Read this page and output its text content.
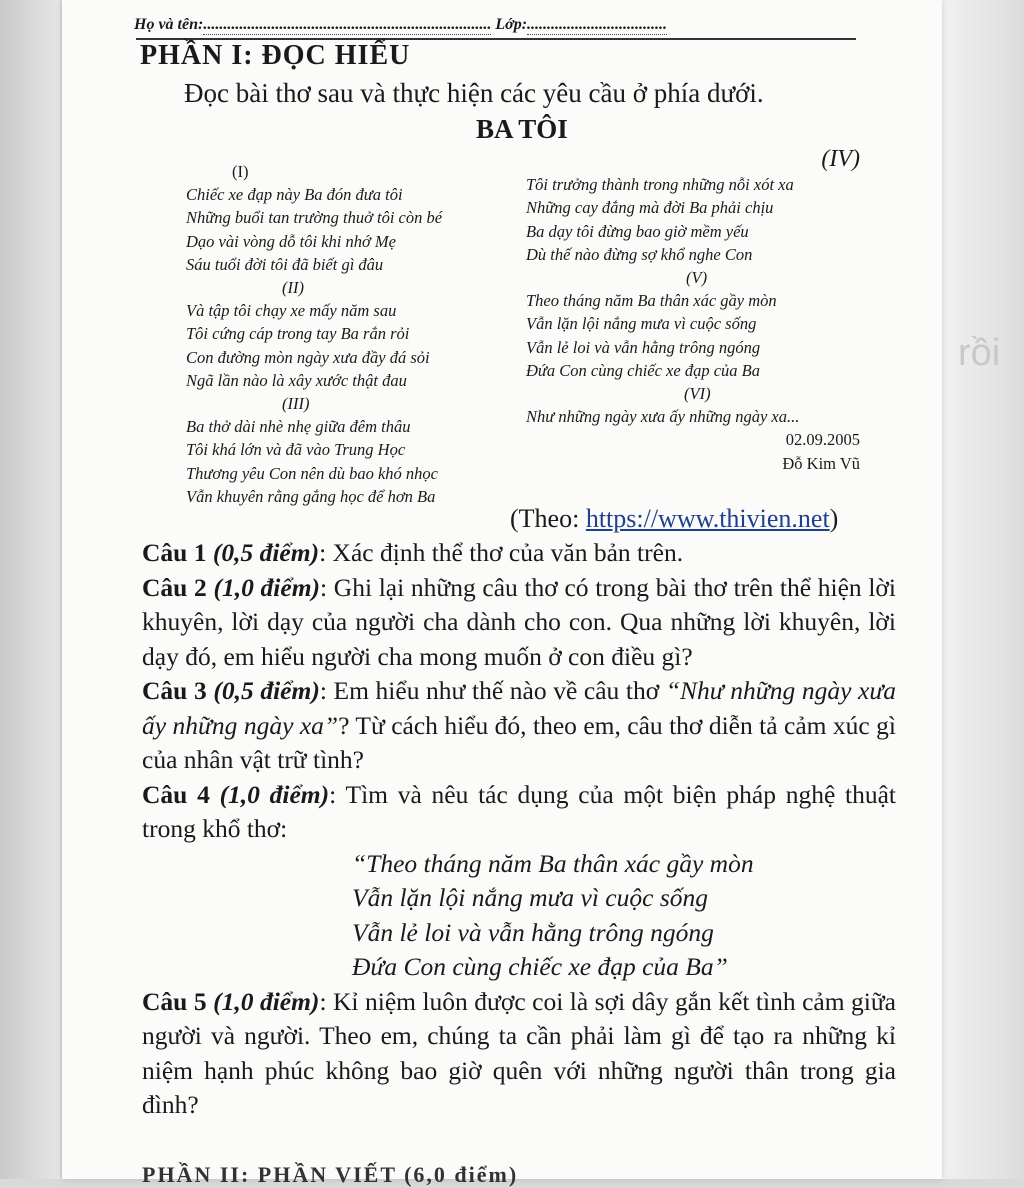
rồi
Họ và tên:........................................................................ Lớp:...................................
PHẦN I: ĐỌC HIỂU
Đọc bài thơ sau và thực hiện các yêu cầu ở phía dưới.
BA TÔI
(I)
Chiếc xe đạp này Ba đón đưa tôi
Những buổi tan trường thuở tôi còn bé
Dạo vài vòng dỗ tôi khi nhớ Mẹ
Sáu tuổi đời tôi đã biết gì đâu
(II)
Và tập tôi chạy xe mấy năm sau
Tôi cứng cáp trong tay Ba rắn rỏi
Con đường mòn ngày xưa đầy đá sỏi
Ngã lần nào là xây xước thật đau
(III)
Ba thở dài nhè nhẹ giữa đêm thâu
Tôi khá lớn và đã vào Trung Học
Thương yêu Con nên dù bao khó nhọc
Vẫn khuyên rằng gắng học để hơn Ba
(IV)
Tôi trưởng thành trong những nỗi xót xa
Những cay đắng mà đời Ba phải chịu
Ba dạy tôi đừng bao giờ mềm yếu
Dù thế nào đừng sợ khổ nghe Con
(V)
Theo tháng năm Ba thân xác gầy mòn
Vẫn lặn lội nắng mưa vì cuộc sống
Vẫn lẻ loi và vẫn hằng trông ngóng
Đứa Con cùng chiếc xe đạp của Ba
(VI)
Như những ngày xưa ấy những ngày xa...
02.09.2005
Đỗ Kim Vũ
(Theo: https://www.thivien.net)

Câu 1 (0,5 điểm): Xác định thể thơ của văn bản trên.

Câu 2 (1,0 điểm): Ghi lại những câu thơ có trong bài thơ trên thể hiện lời khuyên, lời dạy của người cha dành cho con. Qua những lời khuyên, lời dạy đó, em hiểu người cha mong muốn ở con điều gì?

Câu 3 (0,5 điểm): Em hiểu như thế nào về câu thơ “Như những ngày xưa ấy những ngày xa”? Từ cách hiểu đó, theo em, câu thơ diễn tả cảm xúc gì của nhân vật trữ tình?

Câu 4 (1,0 điểm): Tìm và nêu tác dụng của một biện pháp nghệ thuật trong khổ thơ:

“Theo tháng năm Ba thân xác gầy mòn
Vẫn lặn lội nắng mưa vì cuộc sống
Vẫn lẻ loi và vẫn hằng trông ngóng
Đứa Con cùng chiếc xe đạp của Ba”

Câu 5 (1,0 điểm): Kỉ niệm luôn được coi là sợi dây gắn kết tình cảm giữa người và người. Theo em, chúng ta cần phải làm gì để tạo ra những kỉ niệm hạnh phúc không bao giờ quên với những người thân trong gia đình?

PHẦN II: PHẦN VIẾT (6,0 điểm)
